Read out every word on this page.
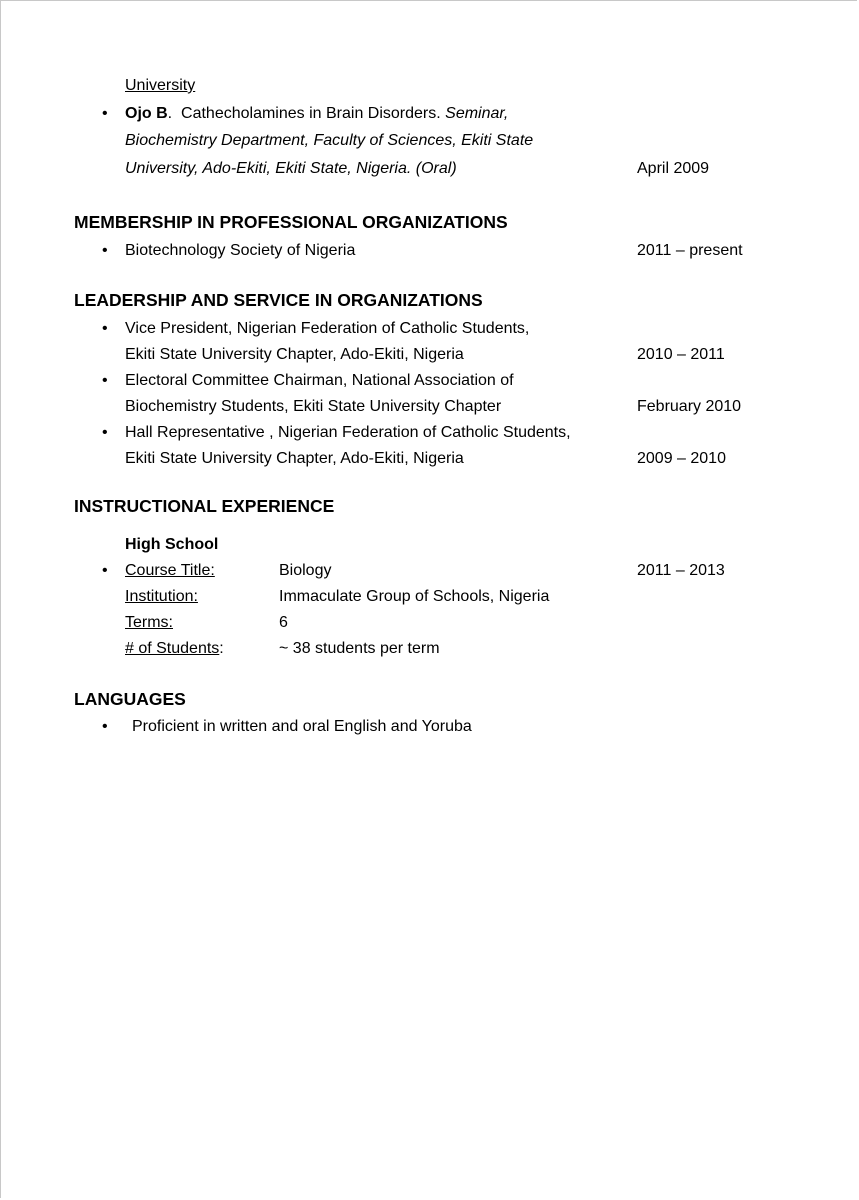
University
• Ojo B. Cathecholamines in Brain Disorders. Seminar,
Biochemistry Department, Faculty of Sciences, Ekiti State
University, Ado-Ekiti, Ekiti State, Nigeria. (Oral)	April 2009
MEMBERSHIP IN PROFESSIONAL ORGANIZATIONS
• Biotechnology Society of Nigeria	2011 – present
LEADERSHIP AND SERVICE IN ORGANIZATIONS
• Vice President, Nigerian Federation of Catholic Students,
Ekiti State University Chapter, Ado-Ekiti, Nigeria	2010 – 2011
• Electoral Committee Chairman, National Association of
Biochemistry Students, Ekiti State University Chapter	February 2010
• Hall Representative , Nigerian Federation of Catholic Students,
Ekiti State University Chapter, Ado-Ekiti, Nigeria	2009 – 2010
INSTRUCTIONAL EXPERIENCE
High School
• Course Title:	Biology	2011 – 2013
Institution:	Immaculate Group of Schools, Nigeria
Terms:	6
# of Students:	~ 38 students per term
LANGUAGES
• Proficient in written and oral English and Yoruba
